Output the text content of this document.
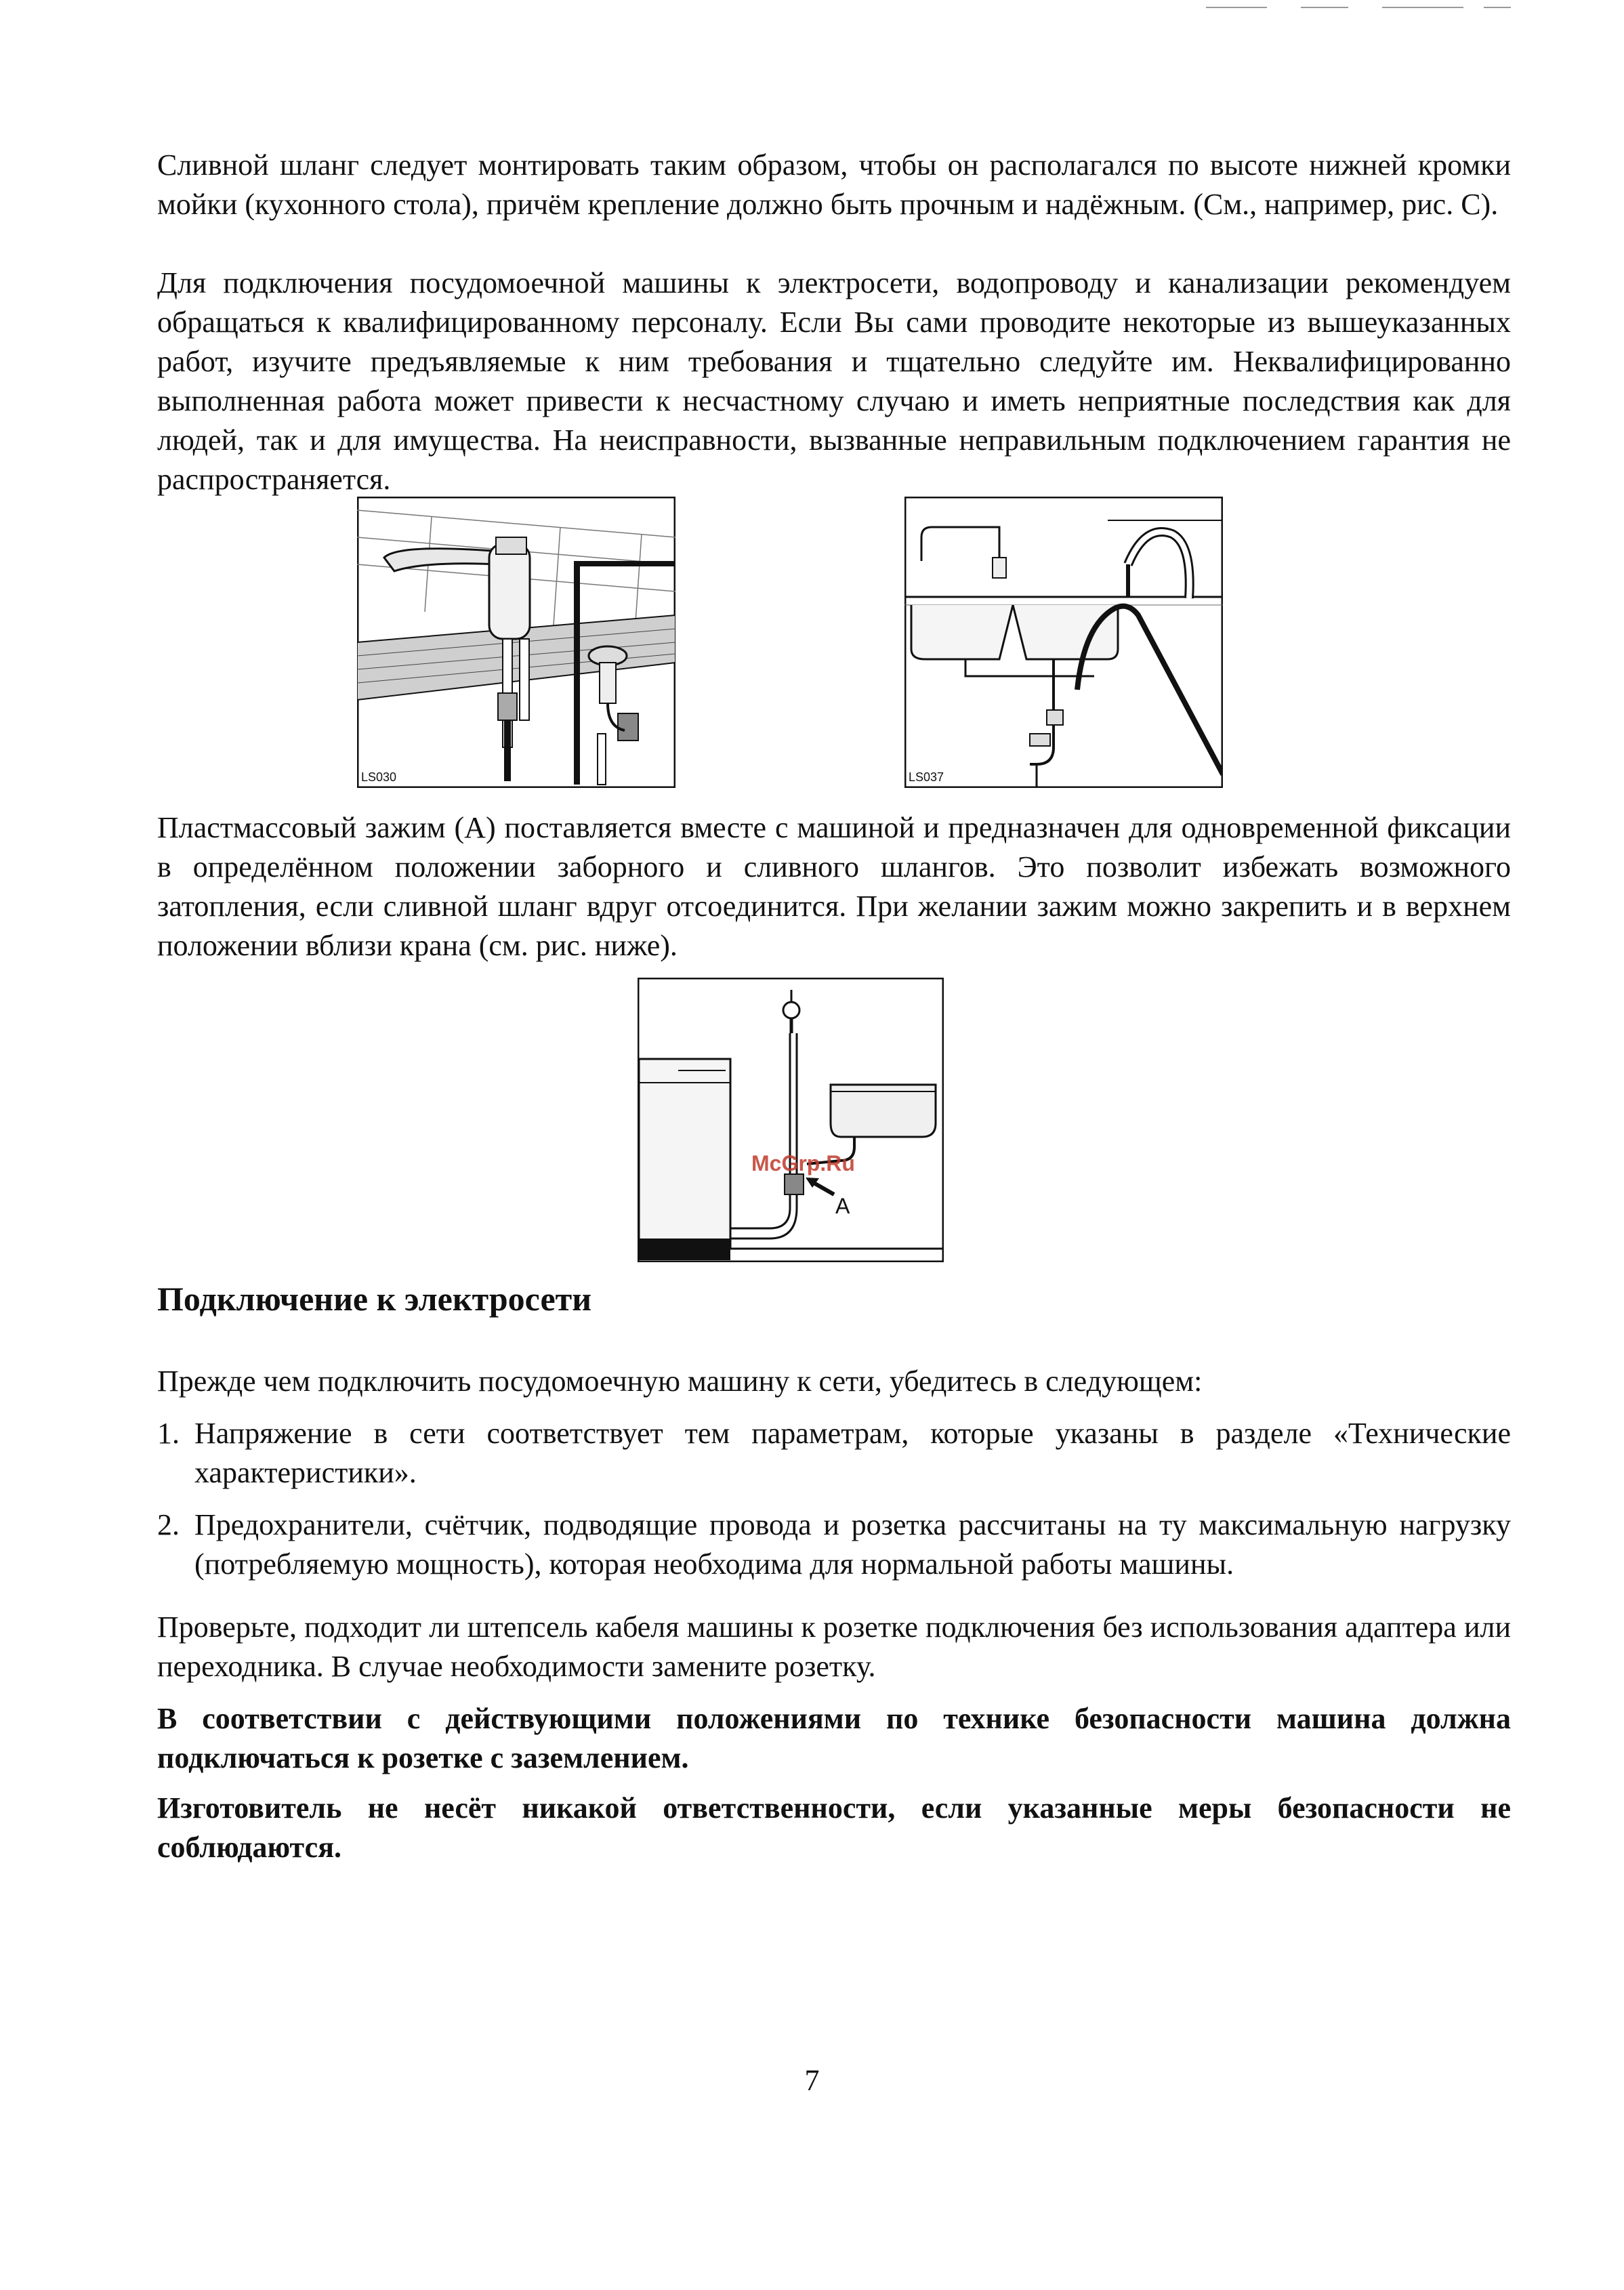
Сливной шланг следует монтировать таким образом, чтобы он располагался по высоте нижней кромки мойки (кухонного стола), причём крепление должно быть прочным и надёжным. (См., например, рис. С).

Для подключения посудомоечной машины к электросети, водопроводу и канализации рекомендуем обращаться к квалифицированному персоналу. Если Вы сами проводите некоторые из вышеуказанных работ, изучите предъявляемые к ним требования и тщательно следуйте им. Неквалифицированно выполненная работа может привести к несчастному случаю и иметь неприятные последствия как для людей, так и для имущества. На неисправности, вызванные неправильным подключением гарантия не распространяется.

LS030	LS037

Пластмассовый зажим (А) поставляется вместе с машиной и предназначен для одновременной фиксации в определённом положении заборного и сливного шлангов. Это позволит избежать возможного затопления, если сливной шланг вдруг отсоединится. При желании зажим можно закрепить и в верхнем положении вблизи крана (см. рис. ниже).

A
McGrp.Ru
Подключение к электросети

Прежде чем подключить посудомоечную машину к сети, убедитесь в следующем:

1. Напряжение в сети соответствует тем параметрам, которые указаны в разделе «Технические характеристики».
2. Предохранители, счётчик, подводящие провода и розетка рассчитаны на ту максимальную нагрузку (потребляемую мощность), которая необходима для нормальной работы машины.

Проверьте, подходит ли штепсель кабеля машины к розетке подключения без использования адаптера или переходника. В случае необходимости замените розетку.

В соответствии с действующими положениями по технике безопасности машина должна подключаться к розетке с заземлением.

Изготовитель не несёт никакой ответственности, если указанные меры безопасности не соблюдаются.

7
